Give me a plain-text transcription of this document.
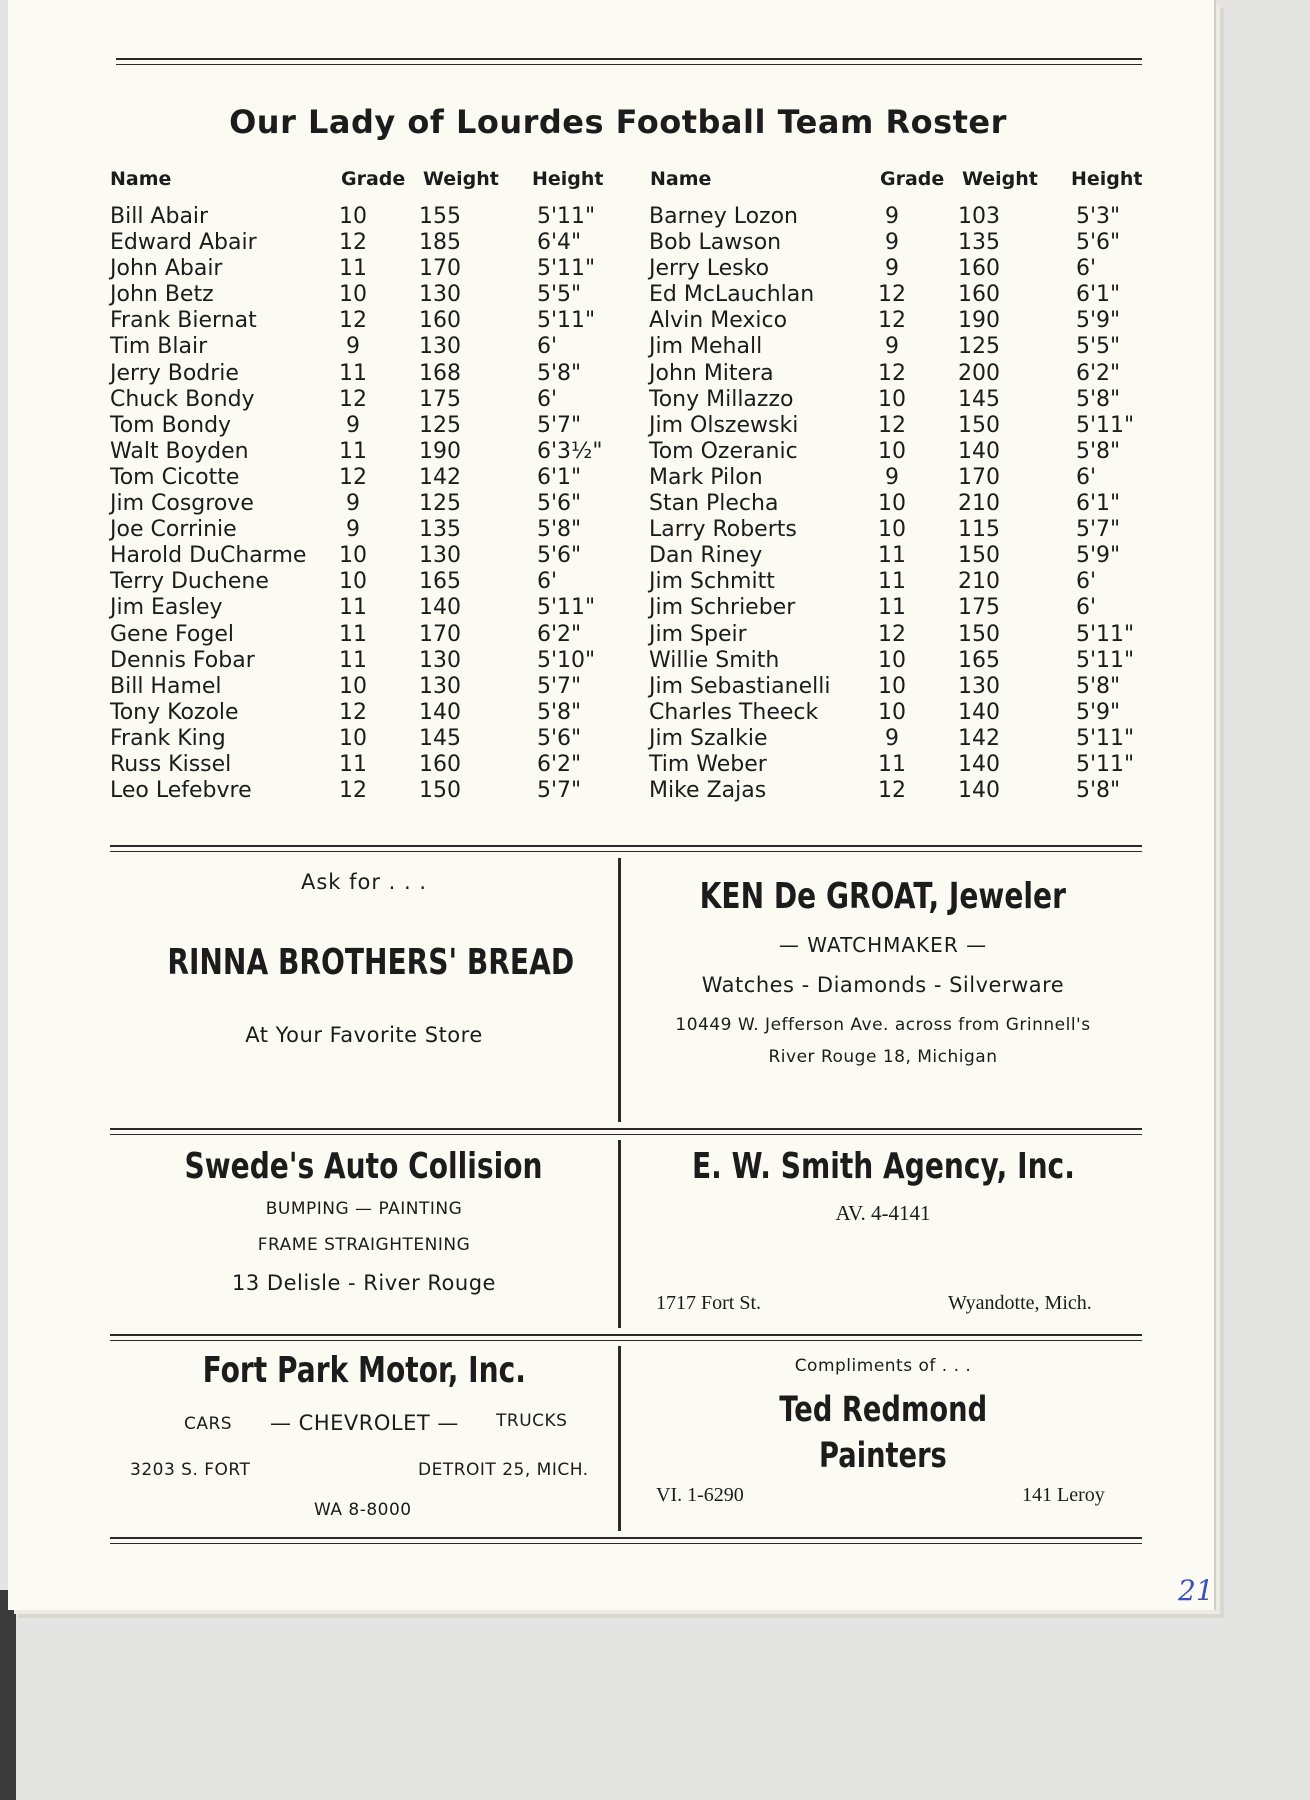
Our Lady of Lourdes Football Team Roster
Name	Grade Weight Height Name	Grade Weight Height
Bill Abair	10 155	5'11"
Edward Abair	12 185	6'4"
John Abair	11 170	5'11"
John Betz	10 130	5'5"
Frank Biernat	12 160	5'11"
Tim Blair	9	130	6'
Jerry Bodrie	11 168	5'8"
Chuck Bondy	12 175	6'
Tom Bondy	9	125	5'7"
Walt Boyden	11 190	6'3½"
Tom Cicotte	12 142	6'1"
Jim Cosgrove	9	125	5'6"
Joe Corrinie	9	135	5'8"
Harold DuCharme 10 130	5'6"
Terry Duchene	10 165	6'
Jim Easley	11 140	5'11"
Gene Fogel	11 170	6'2"
Dennis Fobar	11 130	5'10"
Bill Hamel	10 130	5'7"
Tony Kozole	12 140	5'8"
Frank King	10 145	5'6"
Russ Kissel	11 160	6'2"
Leo Lefebvre	12 150	5'7"
Barney Lozon	9	103	5'3"
Bob Lawson	9	135	5'6"
Jerry Lesko	9	160	6'
Ed McLauchlan	12 160	6'1"
Alvin Mexico	12 190	5'9"
Jim Mehall	9	125	5'5"
John Mitera	12 200	6'2"
Tony Millazzo	10 145	5'8"
Jim Olszewski	12 150	5'11"
Tom Ozeranic	10 140	5'8"
Mark Pilon	9	170	6'
Stan Plecha	10 210	6'1"
Larry Roberts	10 115	5'7"
Dan Riney	11 150	5'9"
Jim Schmitt	11 210	6'
Jim Schrieber	11 175	6'
Jim Speir	12 150	5'11"
Willie Smith	10 165	5'11"
Jim Sebastianelli 10 130	5'8"
Charles Theeck	10 140	5'9"
Jim Szalkie	9	142	5'11"
Tim Weber	11 140	5'11"
Mike Zajas	12 140	5'8"
Ask for . . .
RINNA BROTHERS' BREAD
At Your Favorite Store
KEN De GROAT, Jeweler
— WATCHMAKER —
Watches - Diamonds - Silverware
10449 W. Jefferson Ave. across from Grinnell's
River Rouge 18, Michigan
Swede's Auto Collision
BUMPING — PAINTING
FRAME STRAIGHTENING
13 Delisle - River Rouge
E. W. Smith Agency, Inc.
AV. 4-4141
1717 Fort St.	Wyandotte, Mich.
Fort Park Motor, Inc.
CARS — CHEVROLET — TRUCKS
3203 S. FORT	DETROIT 25, MICH.
WA 8-8000
Compliments of . . .
Ted Redmond
Painters
VI. 1-6290	141 Leroy
21
